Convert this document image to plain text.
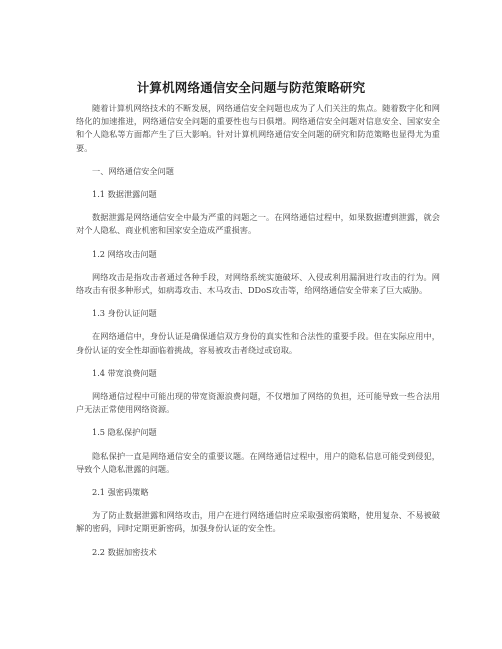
计算机网络通信安全问题与防范策略研究

随着计算机网络技术的不断发展，网络通信安全问题也成为了人们关注的焦点。随着数字化和网络化的加速推进，网络通信安全问题的重要性也与日俱增。网络通信安全问题对信息安全、国家安全和个人隐私等方面都产生了巨大影响。针对计算机网络通信安全问题的研究和防范策略也显得尤为重要。

一、网络通信安全问题

1.1 数据泄露问题

数据泄露是网络通信安全中最为严重的问题之一。在网络通信过程中，如果数据遭到泄露，就会对个人隐私、商业机密和国家安全造成严重损害。

1.2 网络攻击问题

网络攻击是指攻击者通过各种手段，对网络系统实施破坏、入侵或利用漏洞进行攻击的行为。网络攻击有很多种形式，如病毒攻击、木马攻击、DDoS攻击等，给网络通信安全带来了巨大威胁。

1.3 身份认证问题

在网络通信中，身份认证是确保通信双方身份的真实性和合法性的重要手段。但在实际应用中，身份认证的安全性却面临着挑战，容易被攻击者绕过或窃取。

1.4 带宽浪费问题

网络通信过程中可能出现的带宽资源浪费问题，不仅增加了网络的负担，还可能导致一些合法用户无法正常使用网络资源。

1.5 隐私保护问题

隐私保护一直是网络通信安全的重要议题。在网络通信过程中，用户的隐私信息可能受到侵犯，导致个人隐私泄露的问题。

2.1 强密码策略

为了防止数据泄露和网络攻击，用户在进行网络通信时应采取强密码策略，使用复杂、不易被破解的密码，同时定期更新密码，加强身份认证的安全性。

2.2 数据加密技术
